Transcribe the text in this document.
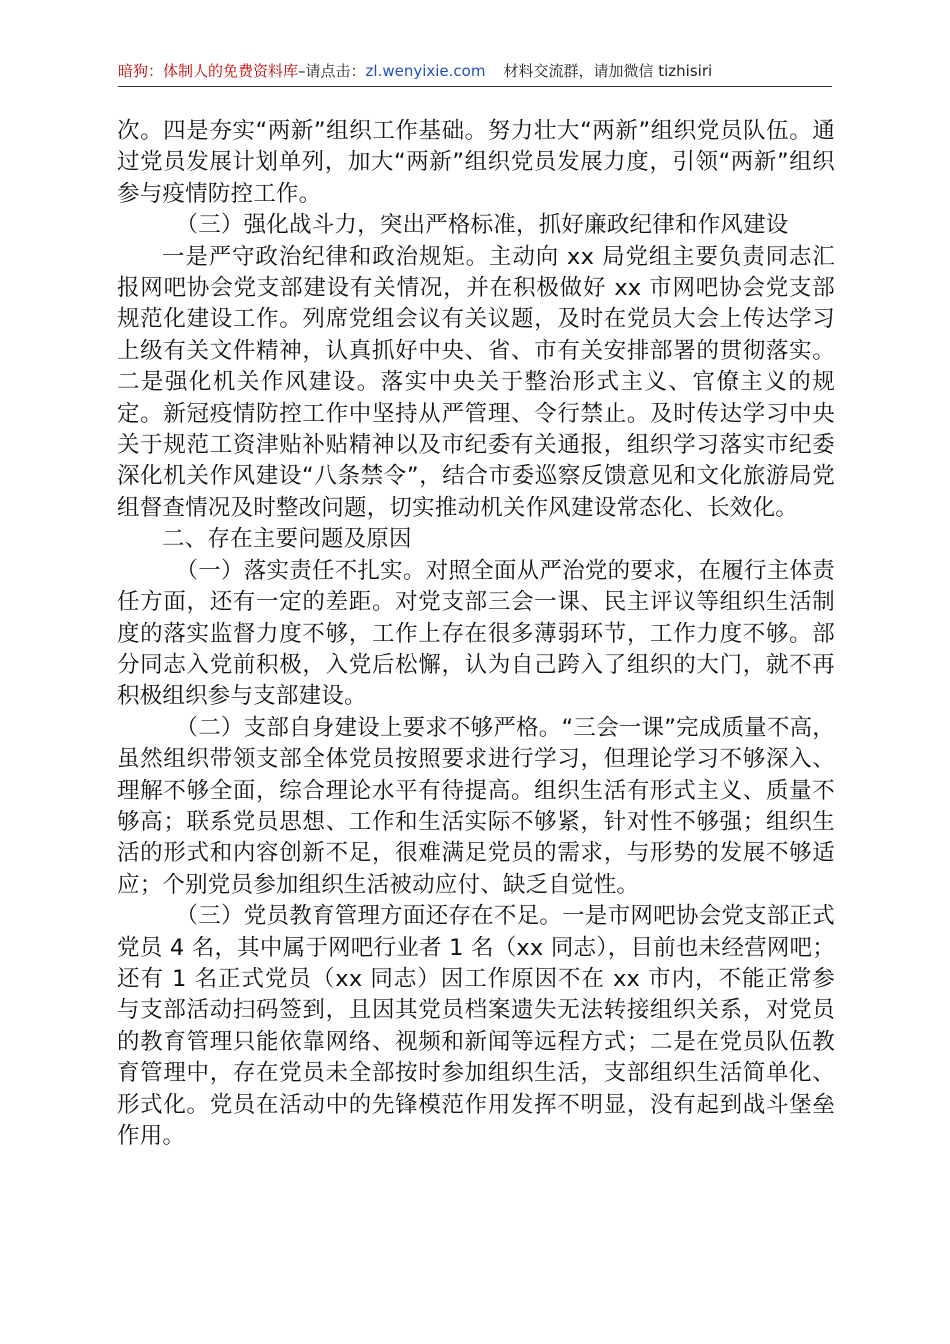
暗狗：体制人的免费资料库–请点击：zl.wenyixie.com 材料交流群，请加微信 tizhisiri

次。四是夯实“两新”组织工作基础。努力壮大“两新”组织党员队伍。通过党员发展计划单列，加大“两新”组织党员发展力度，引领“两新”组织参与疫情防控工作。

（三）强化战斗力，突出严格标准，抓好廉政纪律和作风建设

一是严守政治纪律和政治规矩。主动向 xx 局党组主要负责同志汇报网吧协会党支部建设有关情况，并在积极做好 xx 市网吧协会党支部规范化建设工作。列席党组会议有关议题，及时在党员大会上传达学习上级有关文件精神，认真抓好中央、省、市有关安排部署的贯彻落实。二是强化机关作风建设。落实中央关于整治形式主义、官僚主义的规定。新冠疫情防控工作中坚持从严管理、令行禁止。及时传达学习中央关于规范工资津贴补贴精神以及市纪委有关通报，组织学习落实市纪委深化机关作风建设“八条禁令”，结合市委巡察反馈意见和文化旅游局党组督查情况及时整改问题，切实推动机关作风建设常态化、长效化。

二、存在主要问题及原因

（一）落实责任不扎实。对照全面从严治党的要求，在履行主体责任方面，还有一定的差距。对党支部三会一课、民主评议等组织生活制度的落实监督力度不够，工作上存在很多薄弱环节，工作力度不够。部分同志入党前积极，入党后松懈，认为自己跨入了组织的大门，就不再积极组织参与支部建设。

（二）支部自身建设上要求不够严格。“三会一课”完成质量不高，虽然组织带领支部全体党员按照要求进行学习，但理论学习不够深入、理解不够全面，综合理论水平有待提高。组织生活有形式主义、质量不够高；联系党员思想、工作和生活实际不够紧，针对性不够强；组织生活的形式和内容创新不足，很难满足党员的需求，与形势的发展不够适应；个别党员参加组织生活被动应付、缺乏自觉性。

（三）党员教育管理方面还存在不足。一是市网吧协会党支部正式党员 4 名，其中属于网吧行业者 1 名（xx 同志），目前也未经营网吧；还有 1 名正式党员（xx 同志）因工作原因不在 xx 市内，不能正常参与支部活动扫码签到，且因其党员档案遗失无法转接组织关系，对党员的教育管理只能依靠网络、视频和新闻等远程方式；二是在党员队伍教育管理中，存在党员未全部按时参加组织生活，支部组织生活简单化、形式化。党员在活动中的先锋模范作用发挥不明显，没有起到战斗堡垒作用。
